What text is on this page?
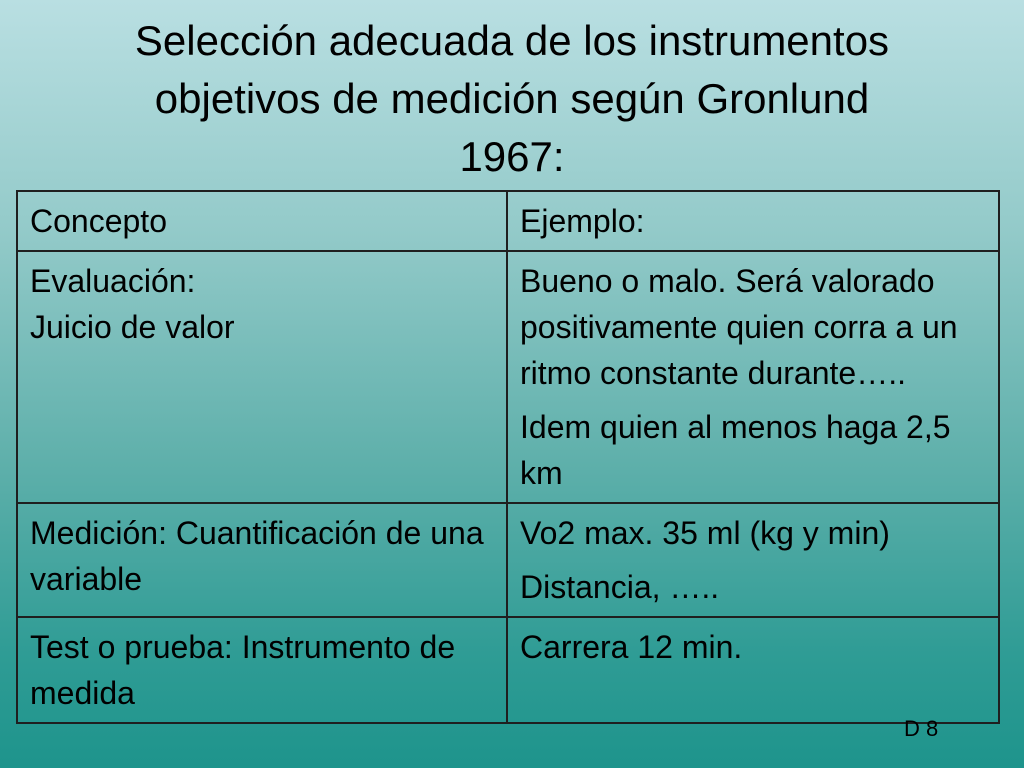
Selección adecuada de los instrumentos
objetivos de medición según Gronlund
1967:
Concepto	Ejemplo:

Evaluación:
Juicio de valor	Bueno o malo. Será valorado positivamente quien corra a un ritmo constante durante…..
Idem quien al menos haga 2,5 km

Medición: Cuantificación de una variable	Vo2 max. 35 ml (kg y min)
Distancia, …..

Test o prueba: Instrumento de medida	Carrera 12 min.
D 8
